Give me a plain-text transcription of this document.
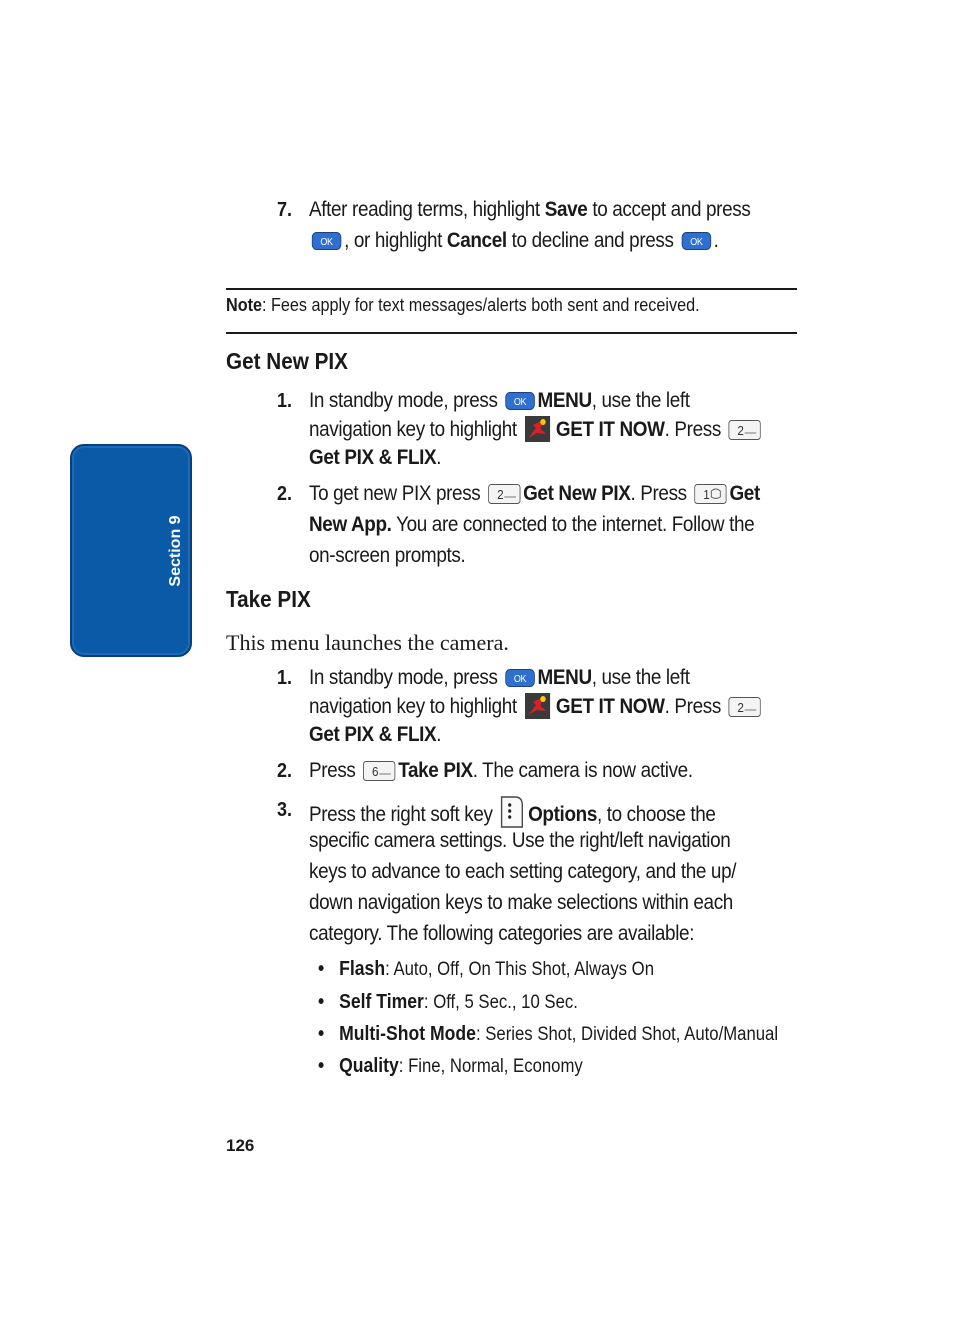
7. After reading terms, highlight Save to accept and press
OK , or highlight Cancel to decline and press OK .
Note: Fees apply for text messages/alerts both sent and received.
Get New PIX
1. In standby mode, press OK MENU, use the left
navigation key to highlight GET IT NOW. Press 2
Get PIX & FLIX.
2. To get new PIX press 2 Get New PIX. Press 1 Get
New App. You are connected to the internet. Follow the
on-screen prompts.
Take PIX
This menu launches the camera.
1. In standby mode, press OK MENU, use the left
navigation key to highlight GET IT NOW. Press 2
Get PIX & FLIX.
2. Press 6 Take PIX. The camera is now active.
3. Press the right soft key Options, to choose the
specific camera settings. Use the right/left navigation
keys to advance to each setting category, and the up/
down navigation keys to make selections within each
category. The following categories are available:
• Flash: Auto, Off, On This Shot, Always On
• Self Timer: Off, 5 Sec., 10 Sec.
• Multi-Shot Mode: Series Shot, Divided Shot, Auto/Manual
• Quality: Fine, Normal, Economy
Section 9
126
